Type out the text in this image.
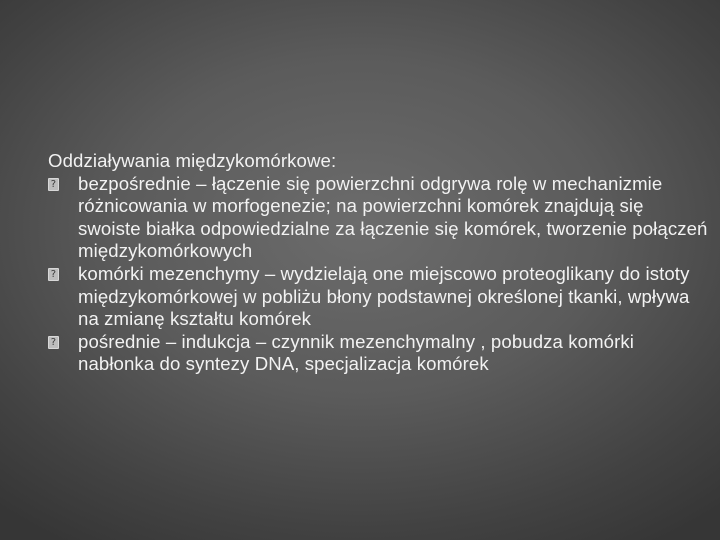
Oddziaływania międzykomórkowe:
? bezpośrednie – łączenie się powierzchni odgrywa rolę w mechanizmie różnicowania w morfogenezie; na powierzchni komórek znajdują się swoiste białka odpowiedzialne za łączenie się komórek, tworzenie połączeń międzykomórkowych
? komórki mezenchymy – wydzielają one miejscowo proteoglikany do istoty międzykomórkowej w pobliżu błony podstawnej określonej tkanki, wpływa na zmianę kształtu komórek
? pośrednie – indukcja – czynnik mezenchymalny , pobudza komórki nabłonka do syntezy DNA, specjalizacja komórek
